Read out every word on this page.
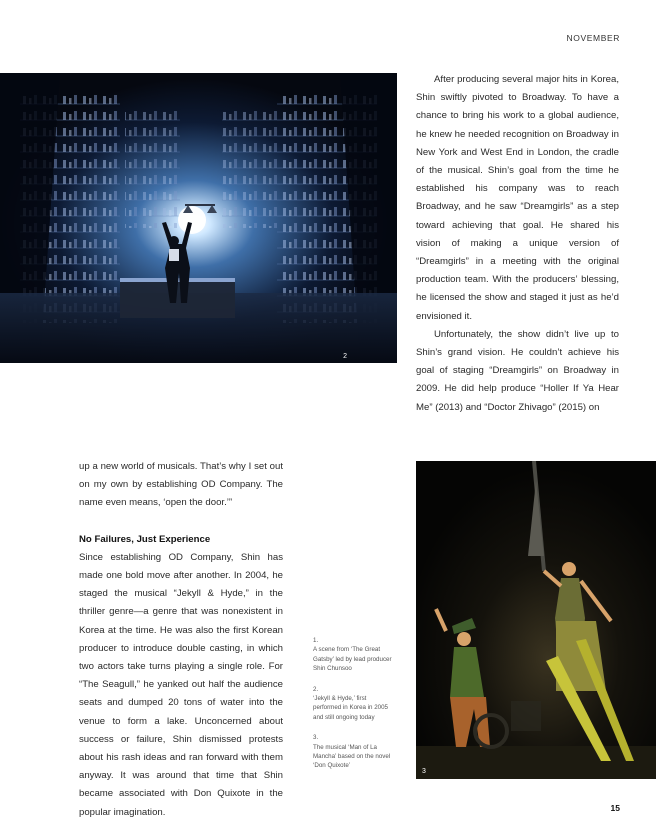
NOVEMBER
2

After producing several major hits in Korea, Shin swiftly pivoted to Broadway. To have a chance to bring his work to a global audience, he knew he needed recognition on Broadway in New York and West End in London, the cradle of the musical. Shin’s goal from the time he established his company was to reach Broadway, and he saw “Dreamgirls” as a step toward achieving that goal. He shared his vision of making a unique version of “Dreamgirls” in a meeting with the original production team. With the producers’ blessing, he licensed the show and staged it just as he’d envisioned it.

Unfortunately, the show didn’t live up to Shin’s grand vision. He couldn’t achieve his goal of staging “Dreamgirls” on Broadway in 2009. He did help produce “Holler If Ya Hear Me” (2013) and “Doctor Zhivago” (2015) on

up a new world of musicals. That’s why I set out on my own by establishing OD Company. The name even means, ‘open the door.’”

No Failures, Just Experience

Since establishing OD Company, Shin has made one bold move after another. In 2004, he staged the musical “Jekyll & Hyde,” in the thriller genre—a genre that was nonexistent in Korea at the time. He was also the first Korean producer to introduce double casting, in which two actors take turns playing a single role. For “The Seagull,” he yanked out half the audience seats and dumped 20 tons of water into the venue to form a lake. Unconcerned about success or failure, Shin dismissed protests about his rash ideas and ran forward with them anyway. It was around that time that Shin became associated with Don Quixote in the popular imagination.

1.
A scene from ‘The Great Gatsby’ led by lead producer Shin Chunsoo
2.
‘Jekyll & Hyde,’ first performed in Korea in 2005 and still ongoing today
3.
The musical ‘Man of La Mancha’ based on the novel ‘Don Quixote’
3
15
